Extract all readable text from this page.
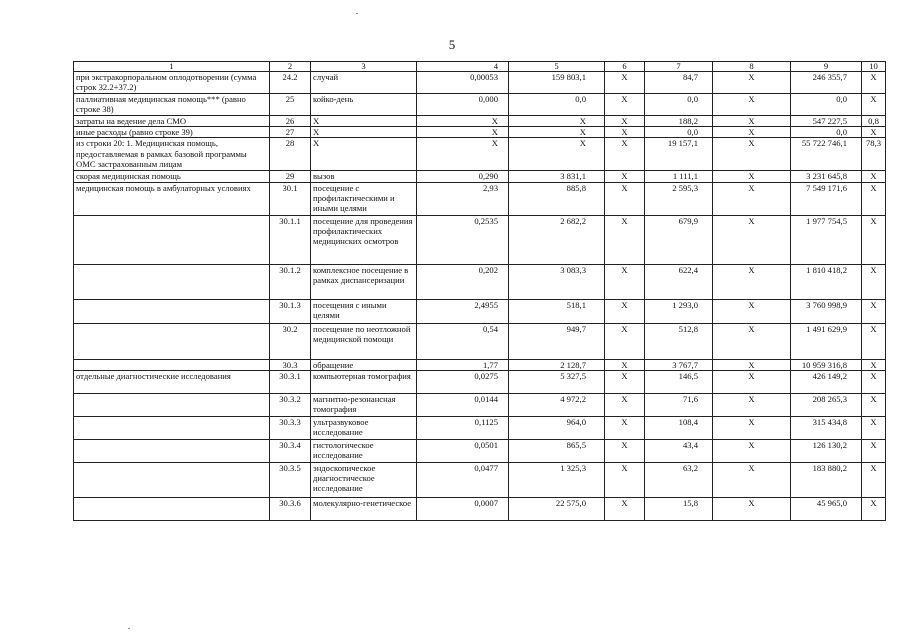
5
1	2	3	4	5	6	7	8	9	10
при экстракорпоральном оплодотворении (сумма строк 32.2+37.2)	24.2	случай	0,00053	159 803,1	X	84,7	X	246 355,7	X
паллиативная медицинская помощь*** (равно строке 38)	25	койко-день	0,000	0,0	X	0,0	X	0,0	X
затраты на ведение дела СМО	26	X	X	X	X	188,2	X	547 227,5	0,8
иные расходы (равно строке 39)	27	X	X	X	X	0,0	X	0,0	X
из строки 20: 1. Медицинская помощь, предоставляемая в рамках базовой программы ОМС застрахованным лицам	28	X	X	X	X	19 157,1	X	55 722 746,1	78,3
скорая медицинская помощь	29	вызов	0,290	3 831,1	X	1 111,1	X	3 231 645,8	X
медицинская помощь в амбулаторных условиях	30.1	посещение с профилактическими и иными целями	2,93	885,8	X	2 595,3	X	7 549 171,6	X
	30.1.1	посещение для проведения профилактических медицинских осмотров	0,2535	2 682,2	X	679,9	X	1 977 754,5	X
	30.1.2	комплексное посещение в рамках диспансеризации	0,202	3 083,3	X	622,4	X	1 810 418,2	X
	30.1.3	посещения с иными целями	2,4955	518,1	X	1 293,0	X	3 760 998,9	X
	30.2	посещение по неотложной медицинской помощи	0,54	949,7	X	512,8	X	1 491 629,9	X
	30.3	обращение	1,77	2 128,7	X	3 767,7	X	10 959 316,8	X
отдельные диагностические исследования	30.3.1	компьютерная томография	0,0275	5 327,5	X	146,5	X	426 149,2	X
	30.3.2	магнитно-резонансная томография	0,0144	4 972,2	X	71,6	X	208 265,3	X
	30.3.3	ультразвуковое исследование	0,1125	964,0	X	108,4	X	315 434,8	X
	30.3.4	гистологическое исследование	0,0501	865,5	X	43,4	X	126 130,2	X
	30.3.5	эндоскопическое диагностическое исследование	0,0477	1 325,3	X	63,2	X	183 880,2	X
	30.3.6	молекулярно-генетическое	0,0007	22 575,0	X	15,8	X	45 965,0	X
